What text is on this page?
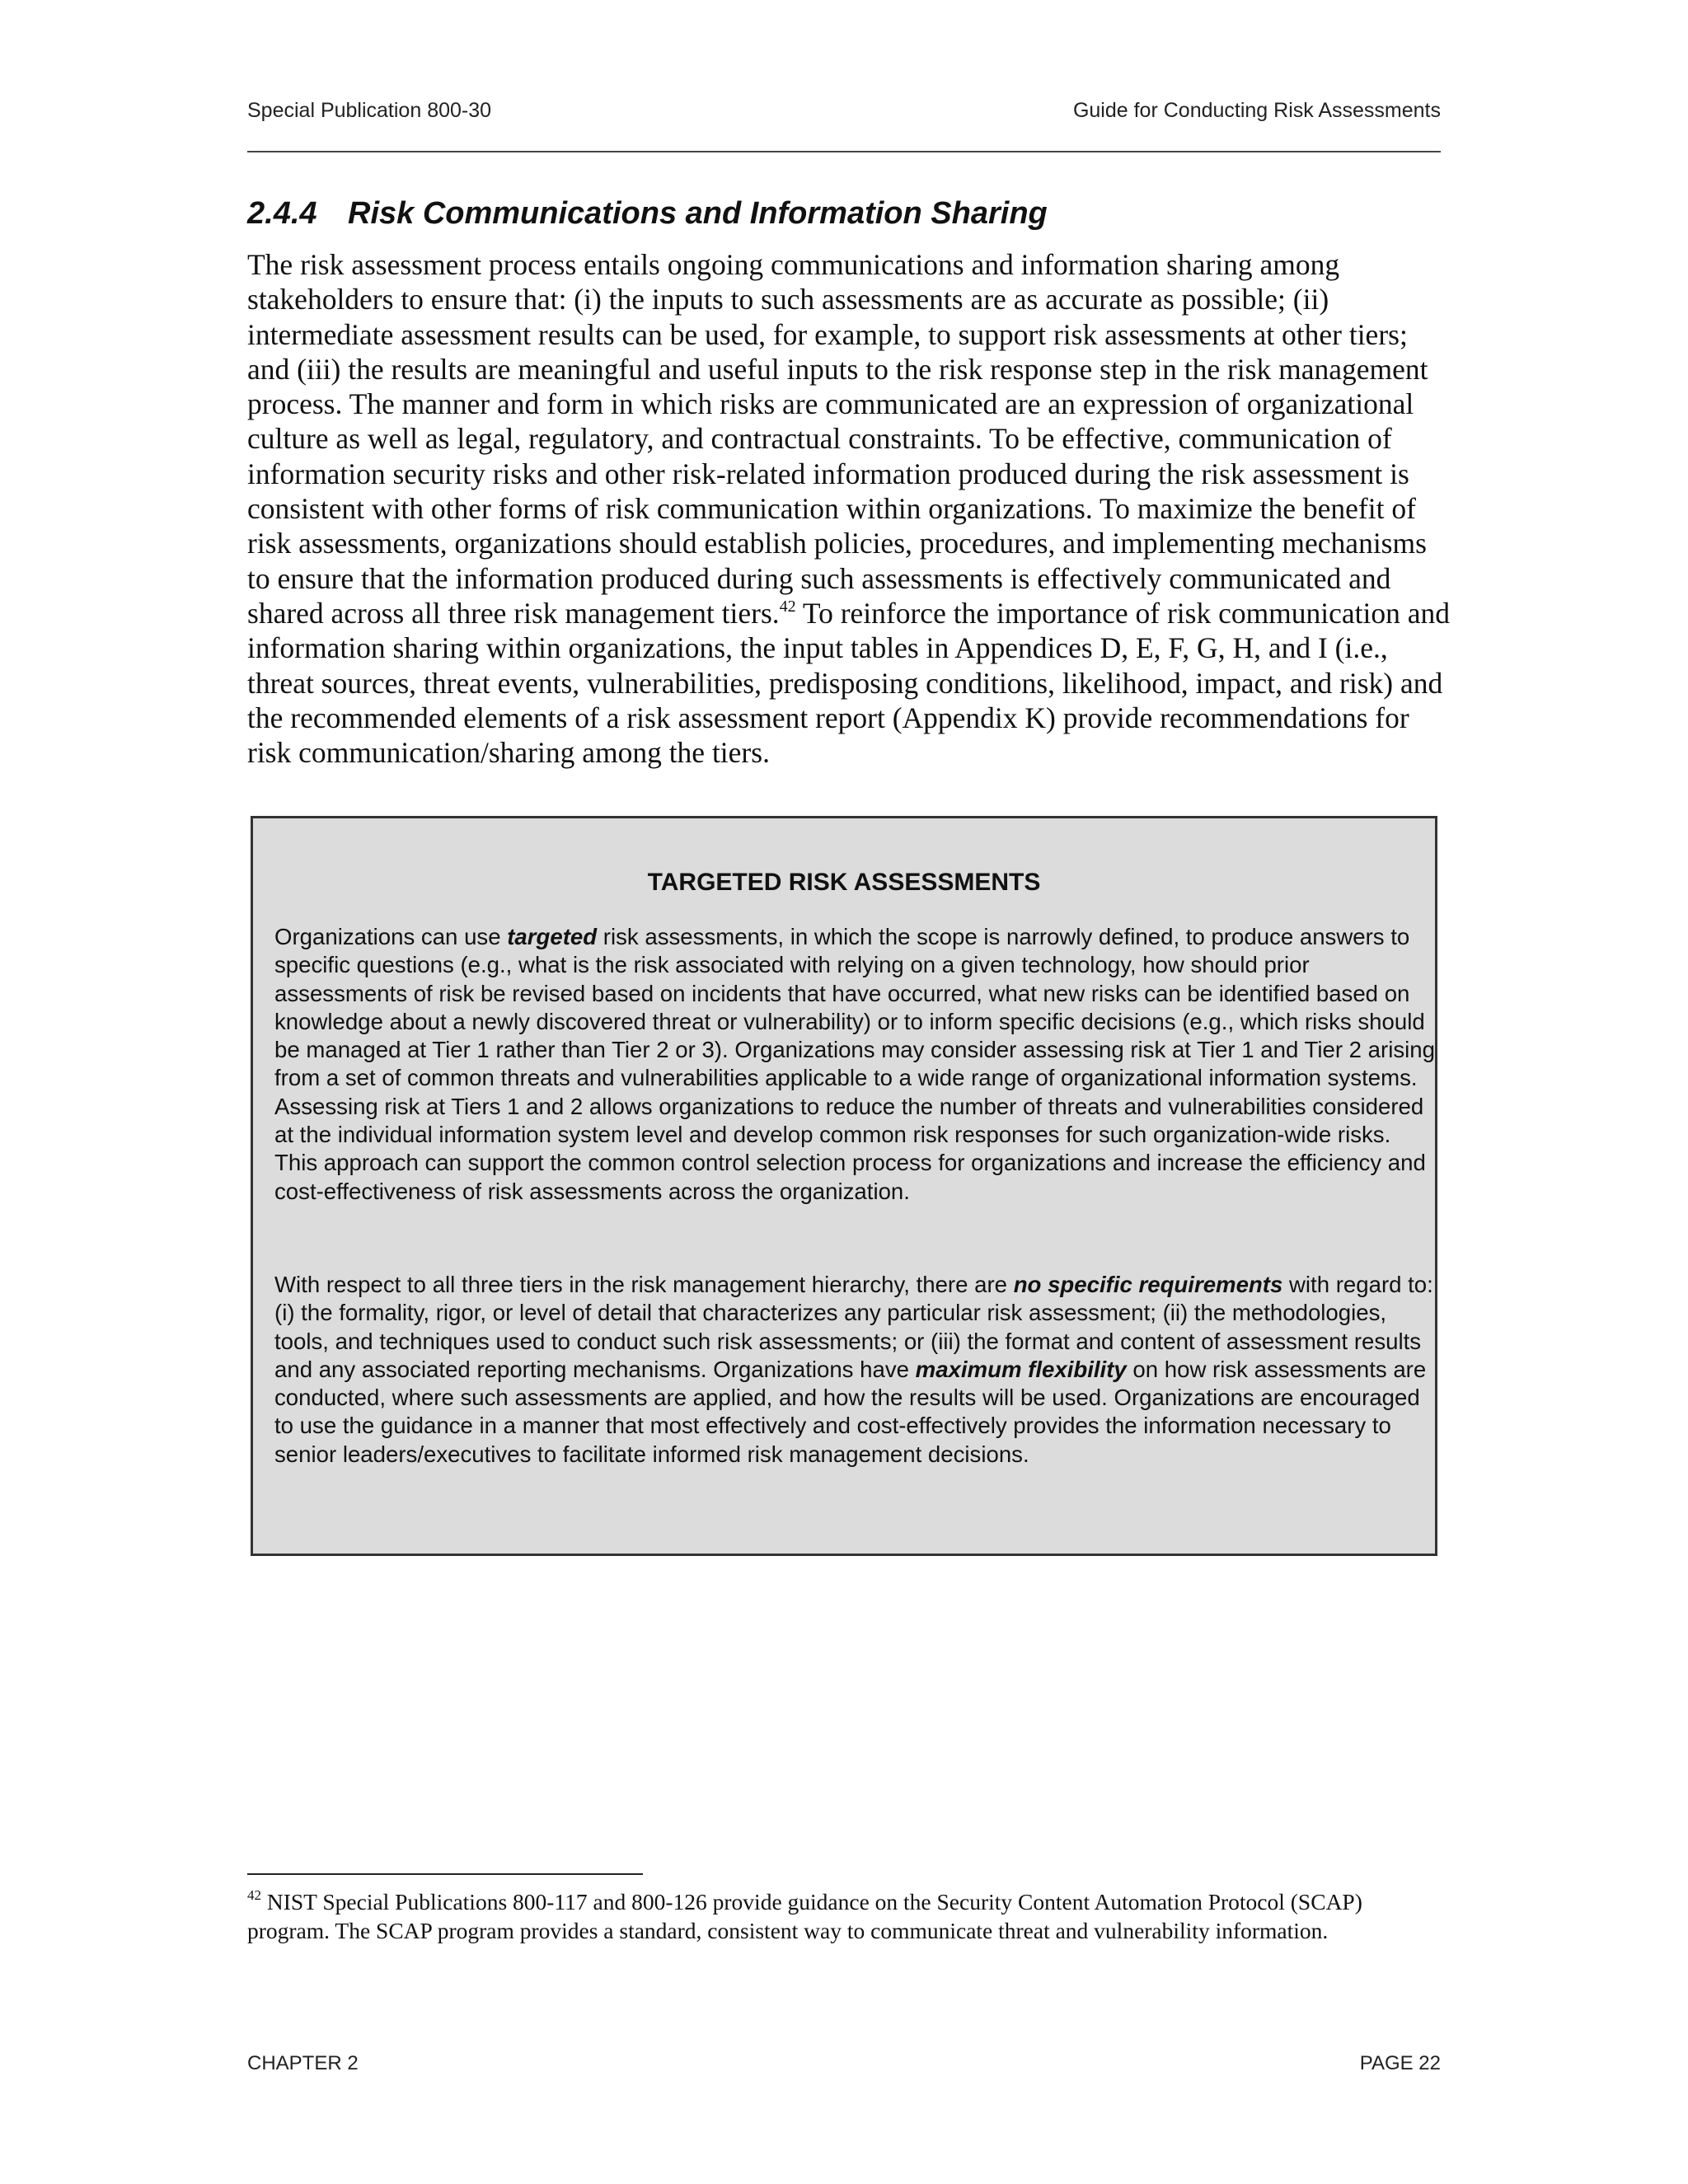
Special Publication 800-30	Guide for Conducting Risk Assessments
2.4.4 Risk Communications and Information Sharing

The risk assessment process entails ongoing communications and information sharing among stakeholders to ensure that: (i) the inputs to such assessments are as accurate as possible; (ii) intermediate assessment results can be used, for example, to support risk assessments at other tiers; and (iii) the results are meaningful and useful inputs to the risk response step in the risk management process. The manner and form in which risks are communicated are an expression of organizational culture as well as legal, regulatory, and contractual constraints. To be effective, communication of information security risks and other risk-related information produced during the risk assessment is consistent with other forms of risk communication within organizations. To maximize the benefit of risk assessments, organizations should establish policies, procedures, and implementing mechanisms to ensure that the information produced during such assessments is effectively communicated and shared across all three risk management tiers.$^{42}$ To reinforce the importance of risk communication and information sharing within organizations, the input tables in Appendices D, E, F, G, H, and I (i.e., threat sources, threat events, vulnerabilities, predisposing conditions, likelihood, impact, and risk) and the recommended elements of a risk assessment report (Appendix K) provide recommendations for risk communication/sharing among the tiers.

TARGETED RISK ASSESSMENTS

Organizations can use targeted risk assessments, in which the scope is narrowly defined, to produce answers to specific questions (e.g., what is the risk associated with relying on a given technology, how should prior assessments of risk be revised based on incidents that have occurred, what new risks can be identified based on knowledge about a newly discovered threat or vulnerability) or to inform specific decisions (e.g., which risks should be managed at Tier 1 rather than Tier 2 or 3). Organizations may consider assessing risk at Tier 1 and Tier 2 arising from a set of common threats and vulnerabilities applicable to a wide range of organizational information systems. Assessing risk at Tiers 1 and 2 allows organizations to reduce the number of threats and vulnerabilities considered at the individual information system level and develop common risk responses for such organization-wide risks. This approach can support the common control selection process for organizations and increase the efficiency and cost-effectiveness of risk assessments across the organization.

With respect to all three tiers in the risk management hierarchy, there are no specific requirements with regard to: (i) the formality, rigor, or level of detail that characterizes any particular risk assessment; (ii) the methodologies, tools, and techniques used to conduct such risk assessments; or (iii) the format and content of assessment results and any associated reporting mechanisms. Organizations have maximum flexibility on how risk assessments are conducted, where such assessments are applied, and how the results will be used. Organizations are encouraged to use the guidance in a manner that most effectively and cost-effectively provides the information necessary to senior leaders/executives to facilitate informed risk management decisions.

$^{42}$ NIST Special Publications 800-117 and 800-126 provide guidance on the Security Content Automation Protocol (SCAP) program. The SCAP program provides a standard, consistent way to communicate threat and vulnerability information.

CHAPTER 2	PAGE 22
